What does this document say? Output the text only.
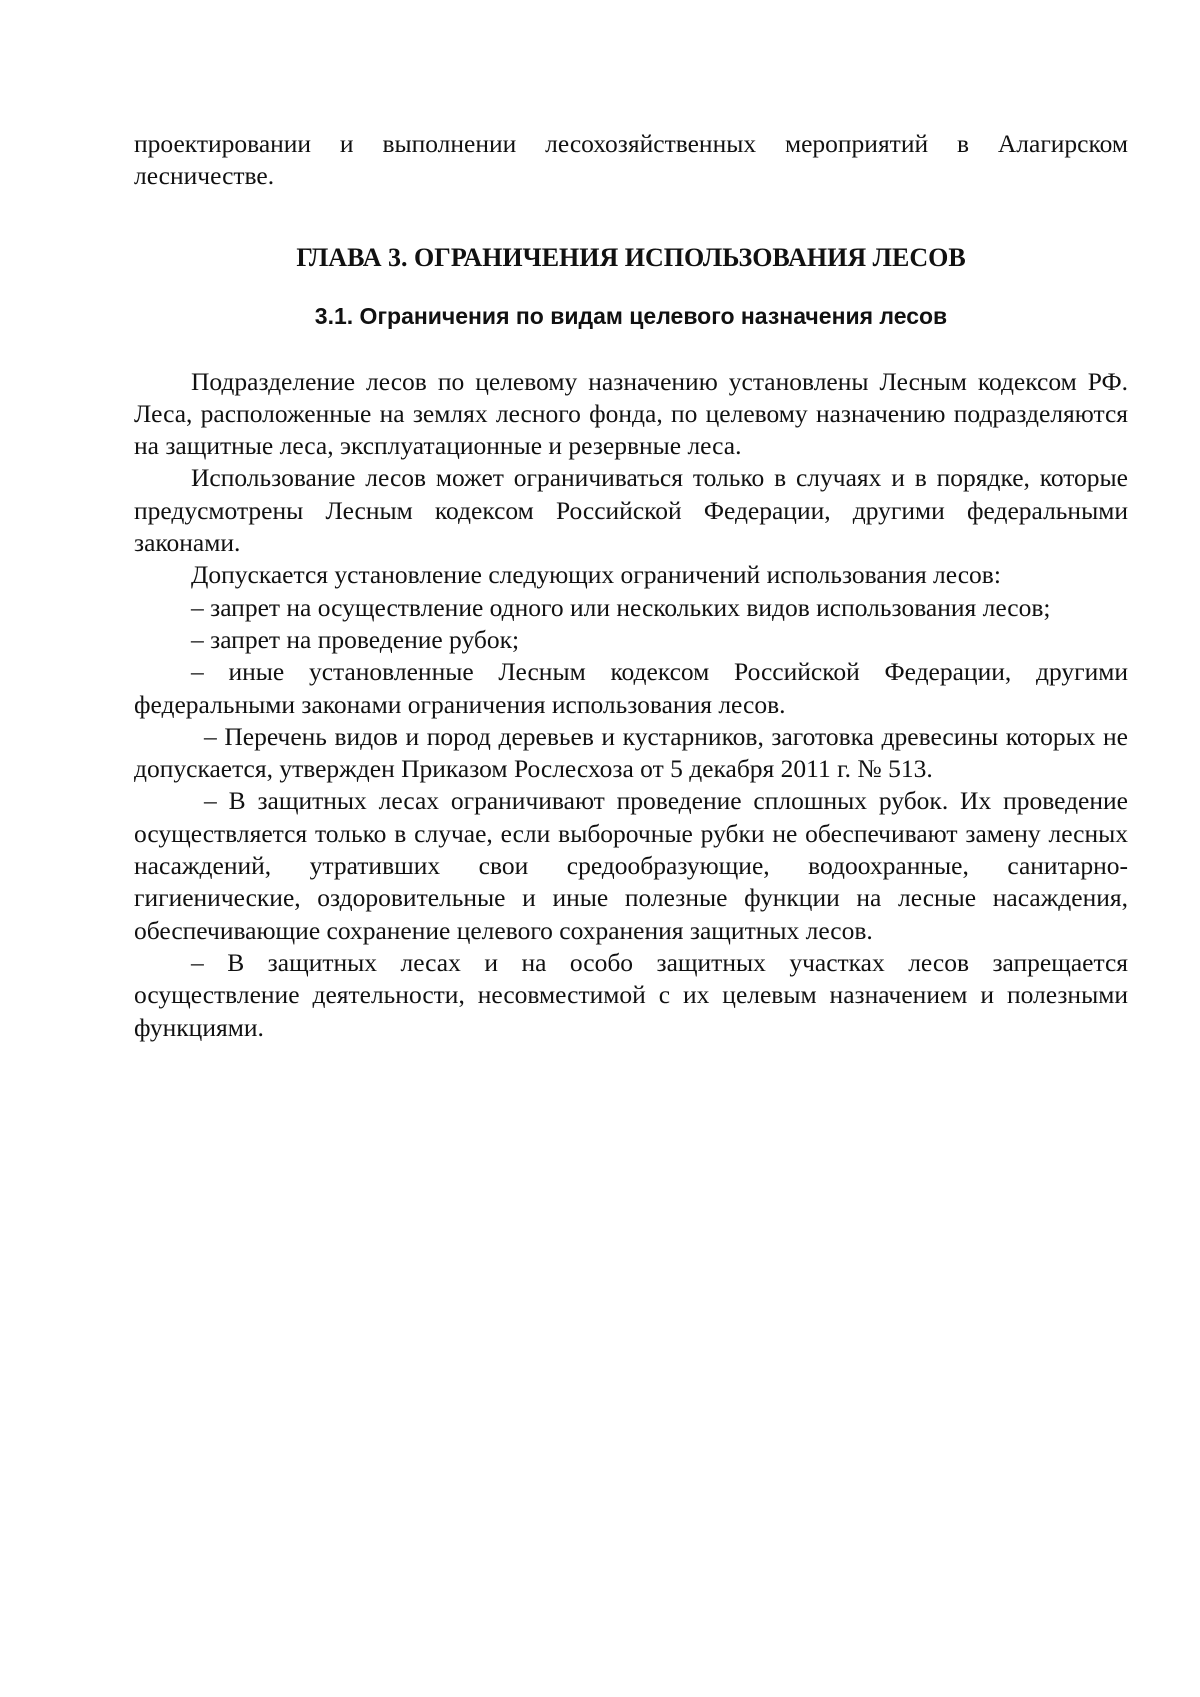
проектировании и выполнении лесохозяйственных мероприятий в Алагирском лесничестве.

ГЛАВА 3. ОГРАНИЧЕНИЯ ИСПОЛЬЗОВАНИЯ ЛЕСОВ
3.1. Ограничения по видам целевого назначения лесов

Подразделение лесов по целевому назначению установлены Лесным кодексом РФ. Леса, расположенные на землях лесного фонда, по целевому назначению подразделяются на защитные леса, эксплуатационные и резервные леса.

Использование лесов может ограничиваться только в случаях и в порядке, которые предусмотрены Лесным кодексом Российской Федерации, другими федеральными законами.

Допускается установление следующих ограничений использования лесов:

– запрет на осуществление одного или нескольких видов использования лесов;

– запрет на проведение рубок;

– иные установленные Лесным кодексом Российской Федерации, другими федеральными законами ограничения использования лесов.

– Перечень видов и пород деревьев и кустарников, заготовка древесины которых не допускается, утвержден Приказом Рослесхоза от 5 декабря 2011 г. № 513.

– В защитных лесах ограничивают проведение сплошных рубок. Их проведение осуществляется только в случае, если выборочные рубки не обеспечивают замену лесных насаждений, утративших свои средообразующие, водоохранные, санитарно-гигиенические, оздоровительные и иные полезные функции на лесные насаждения, обеспечивающие сохранение целевого сохранения защитных лесов.

– В защитных лесах и на особо защитных участках лесов запрещается осуществление деятельности, несовместимой с их целевым назначением и полезными функциями.
